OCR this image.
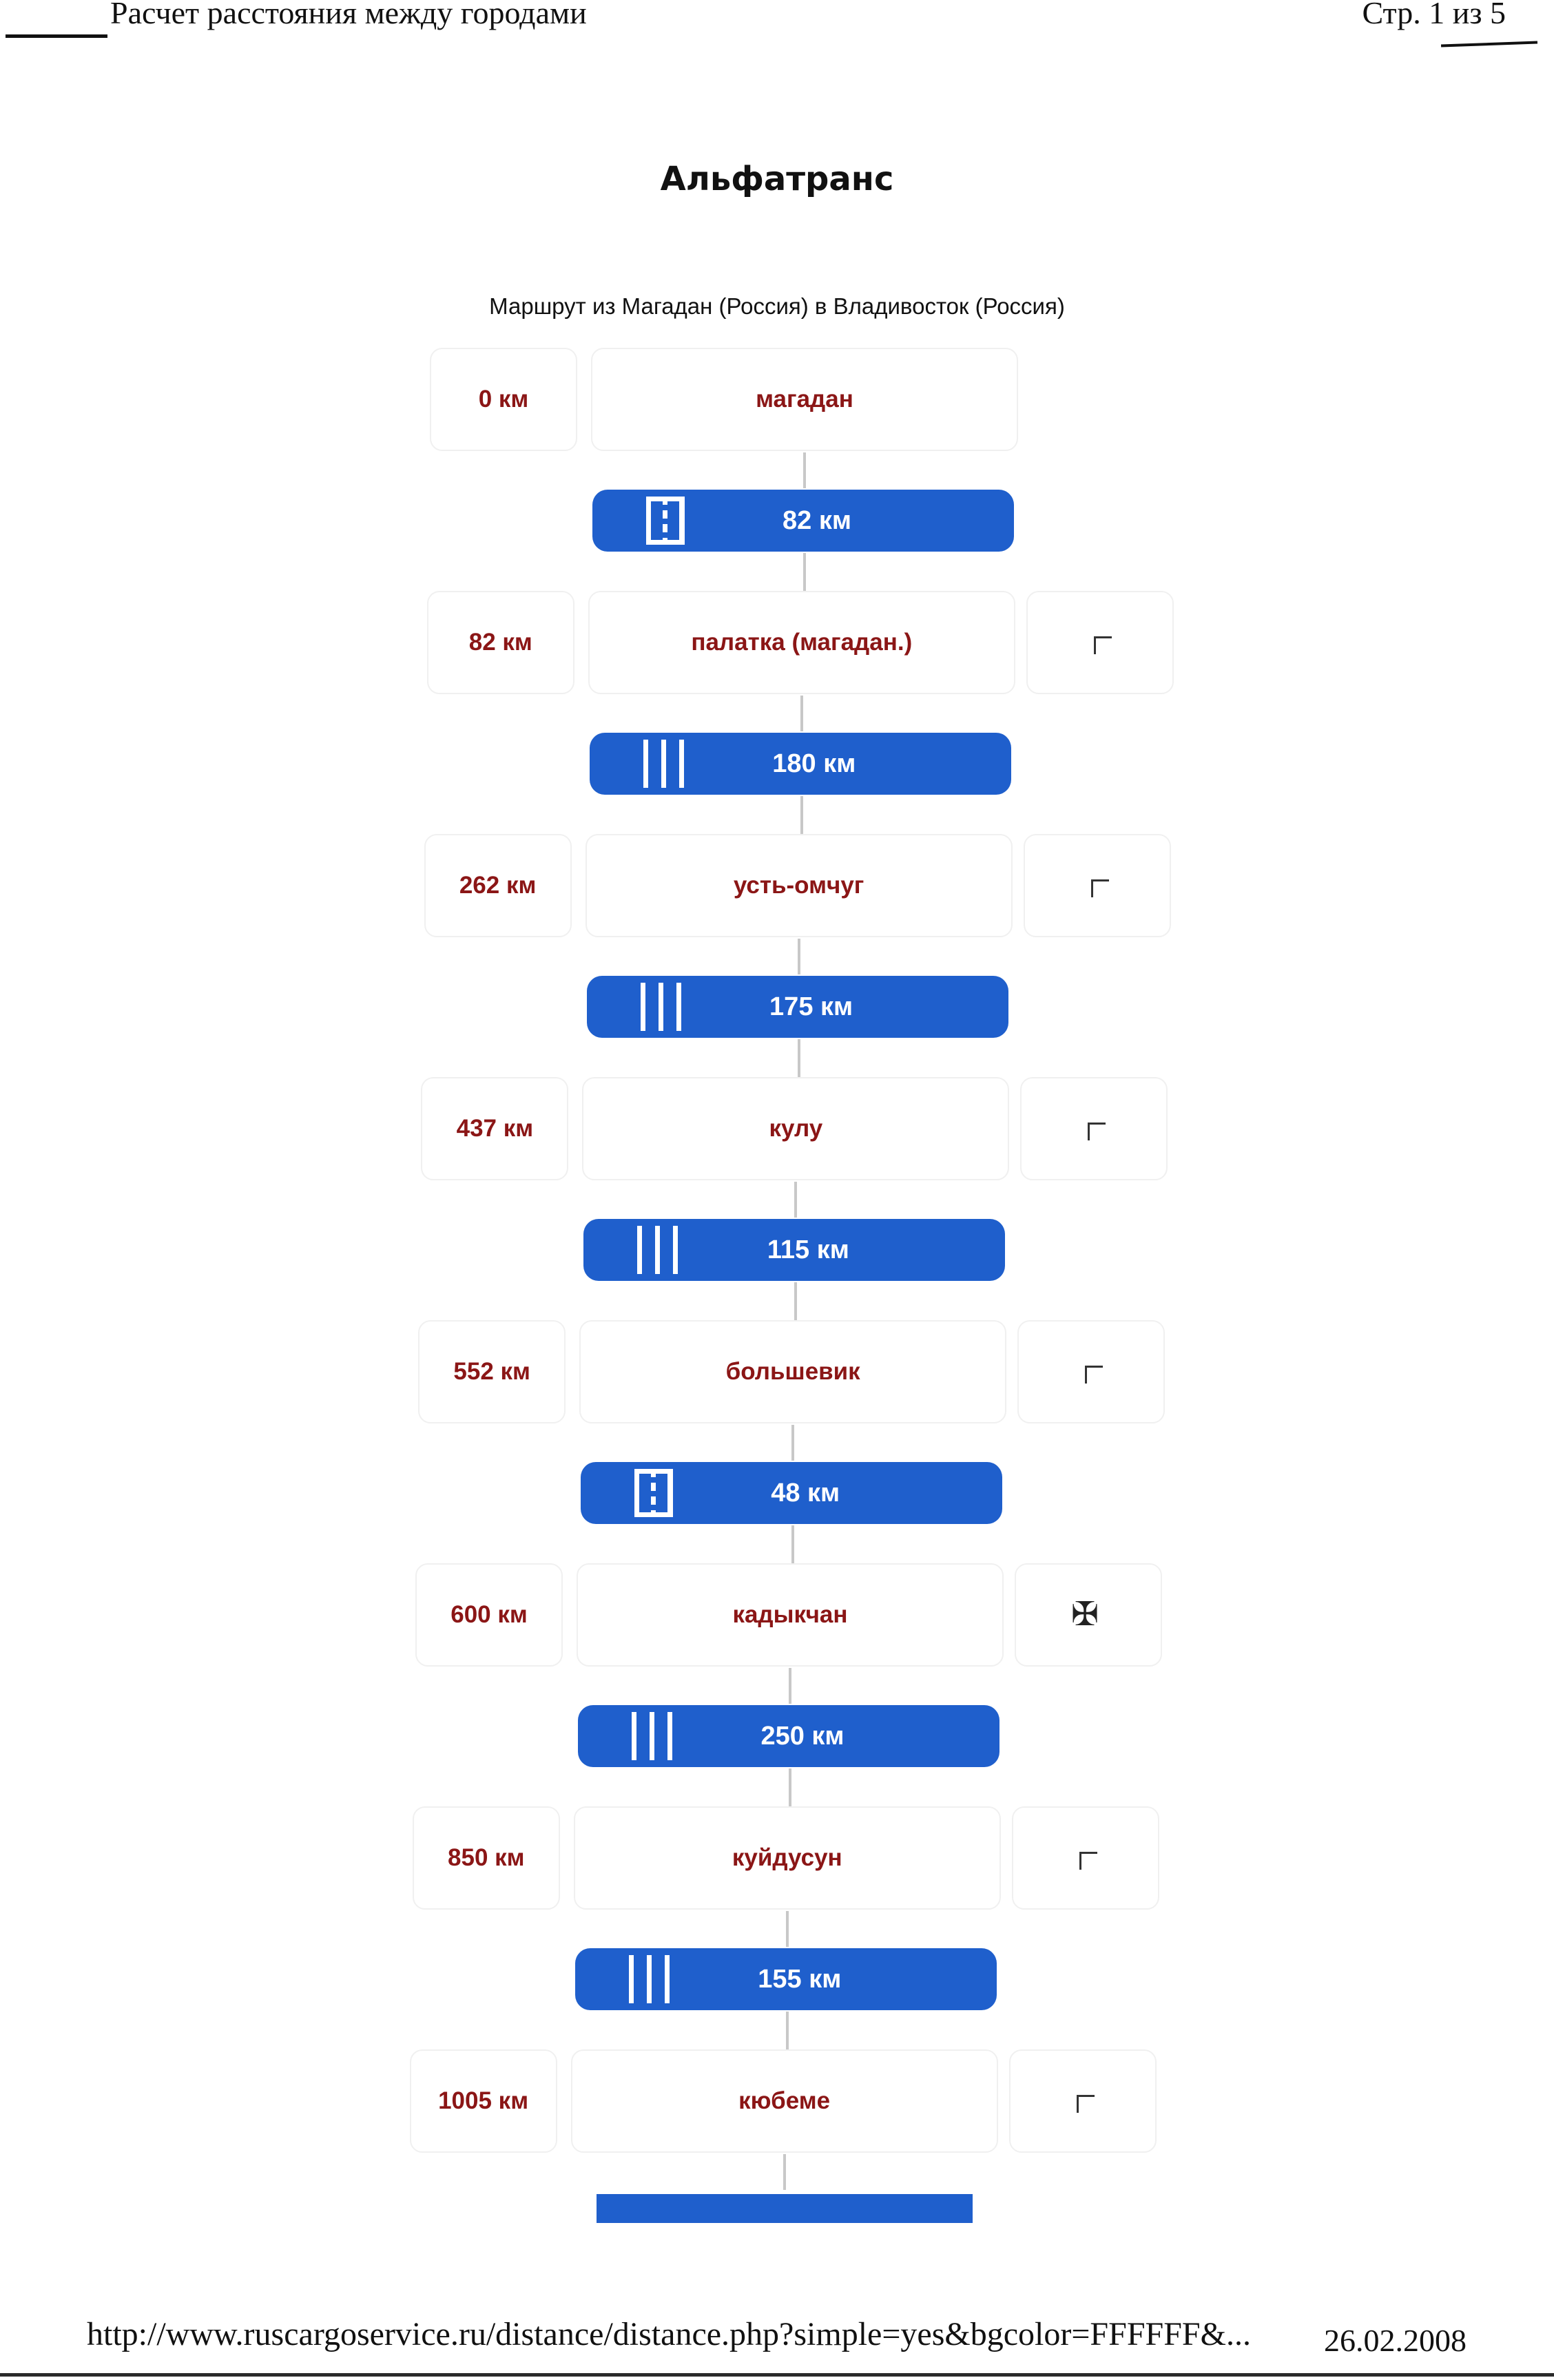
Расчет расстояния между городами	Стр. 1 из 5
Альфатранс
Маршрут из Магадан (Россия) в Владивосток (Россия)
0 км	магадан
82 км
82 км	палатка (магадан.)
180 км
262 км	усть-омчуг
175 км
437 км	кулу
115 км
552 км	большевик
48 км
600 км	кадыкчан	✠
250 км
850 км	куйдусун
155 км
1005 км	кюбеме
http://www.ruscargoservice.ru/distance/distance.php?simple=yes&bgcolor=FFFFFF&... 26.02.2008
